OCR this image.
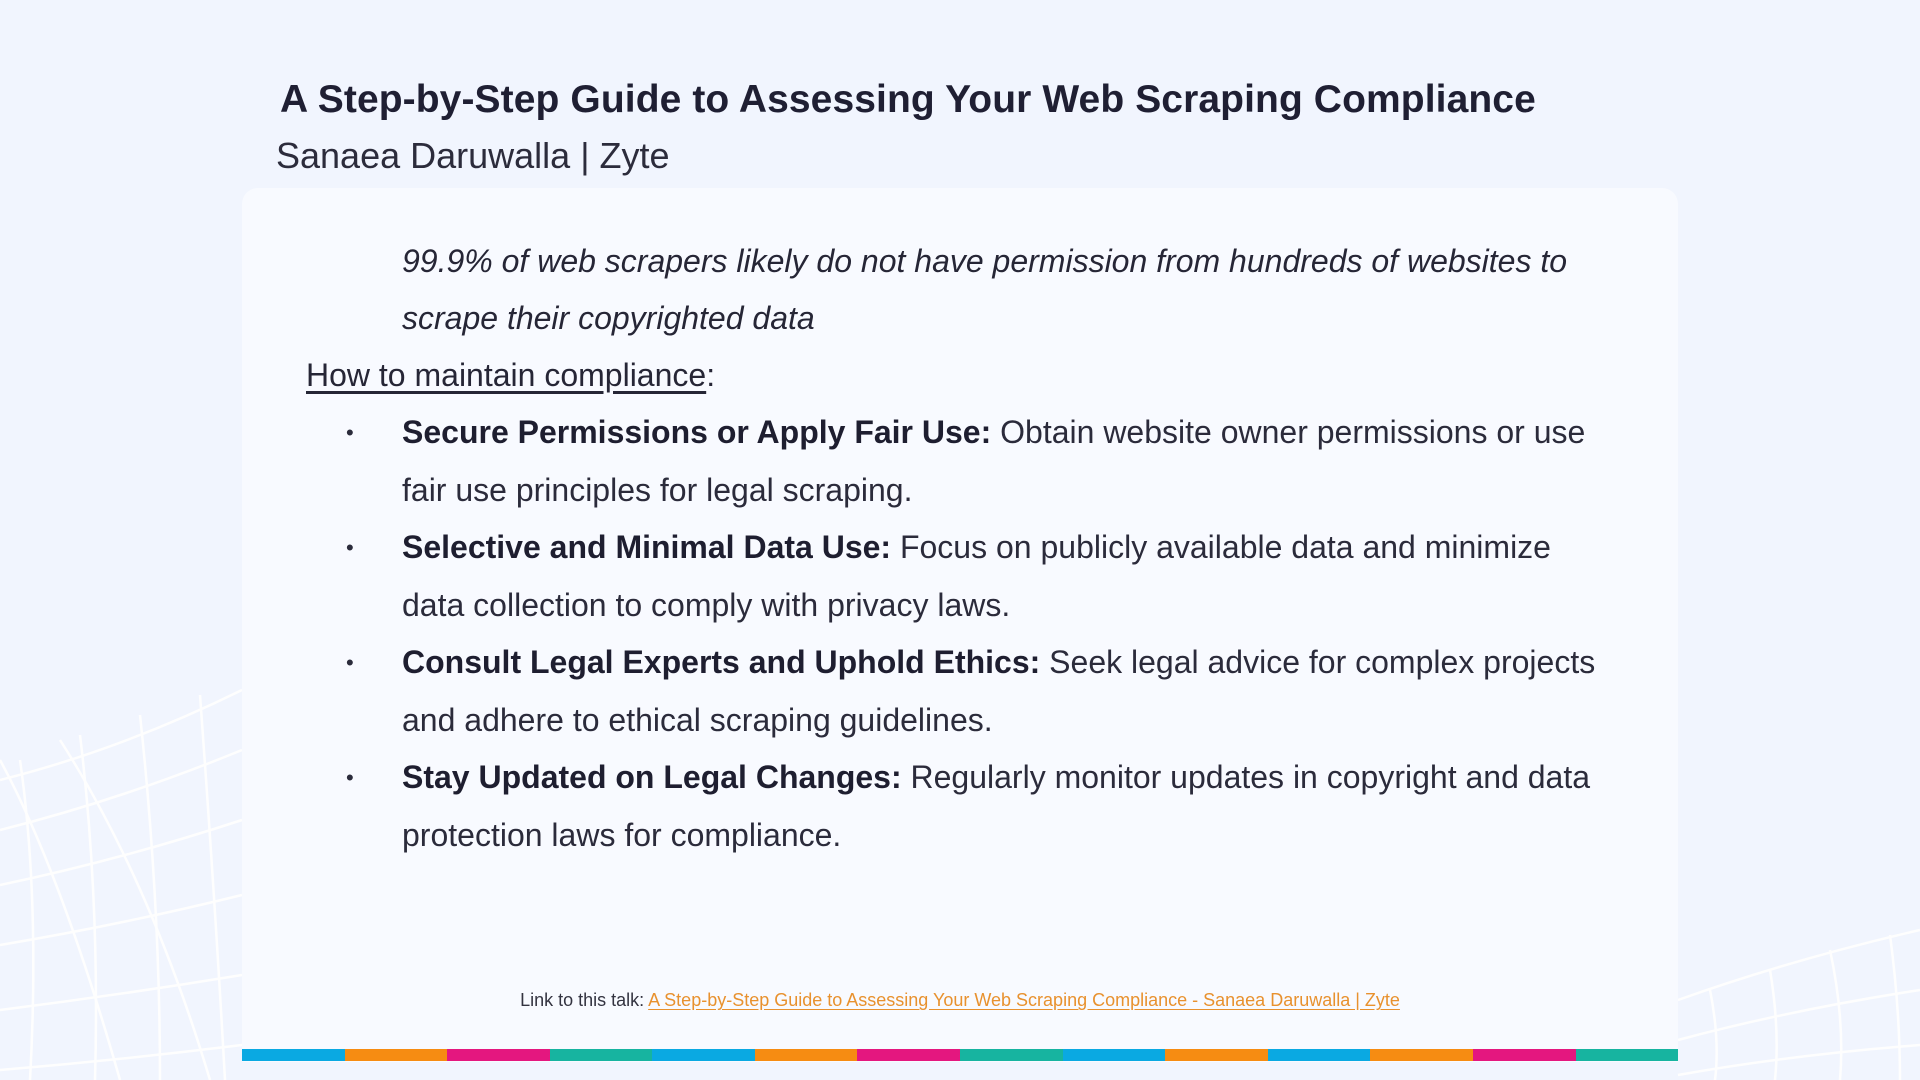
A Step-by-Step Guide to Assessing Your Web Scraping Compliance

Sanaea Daruwalla | Zyte

99.9% of web scrapers likely do not have permission from hundreds of websites to scrape their copyrighted data

How to maintain compliance:

• Secure Permissions or Apply Fair Use: Obtain website owner permissions or use fair use principles for legal scraping.
• Selective and Minimal Data Use: Focus on publicly available data and minimize data collection to comply with privacy laws.
• Consult Legal Experts and Uphold Ethics: Seek legal advice for complex projects and adhere to ethical scraping guidelines.
• Stay Updated on Legal Changes: Regularly monitor updates in copyright and data protection laws for compliance.
Link to this talk: A Step-by-Step Guide to Assessing Your Web Scraping Compliance - Sanaea Daruwalla | Zyte
